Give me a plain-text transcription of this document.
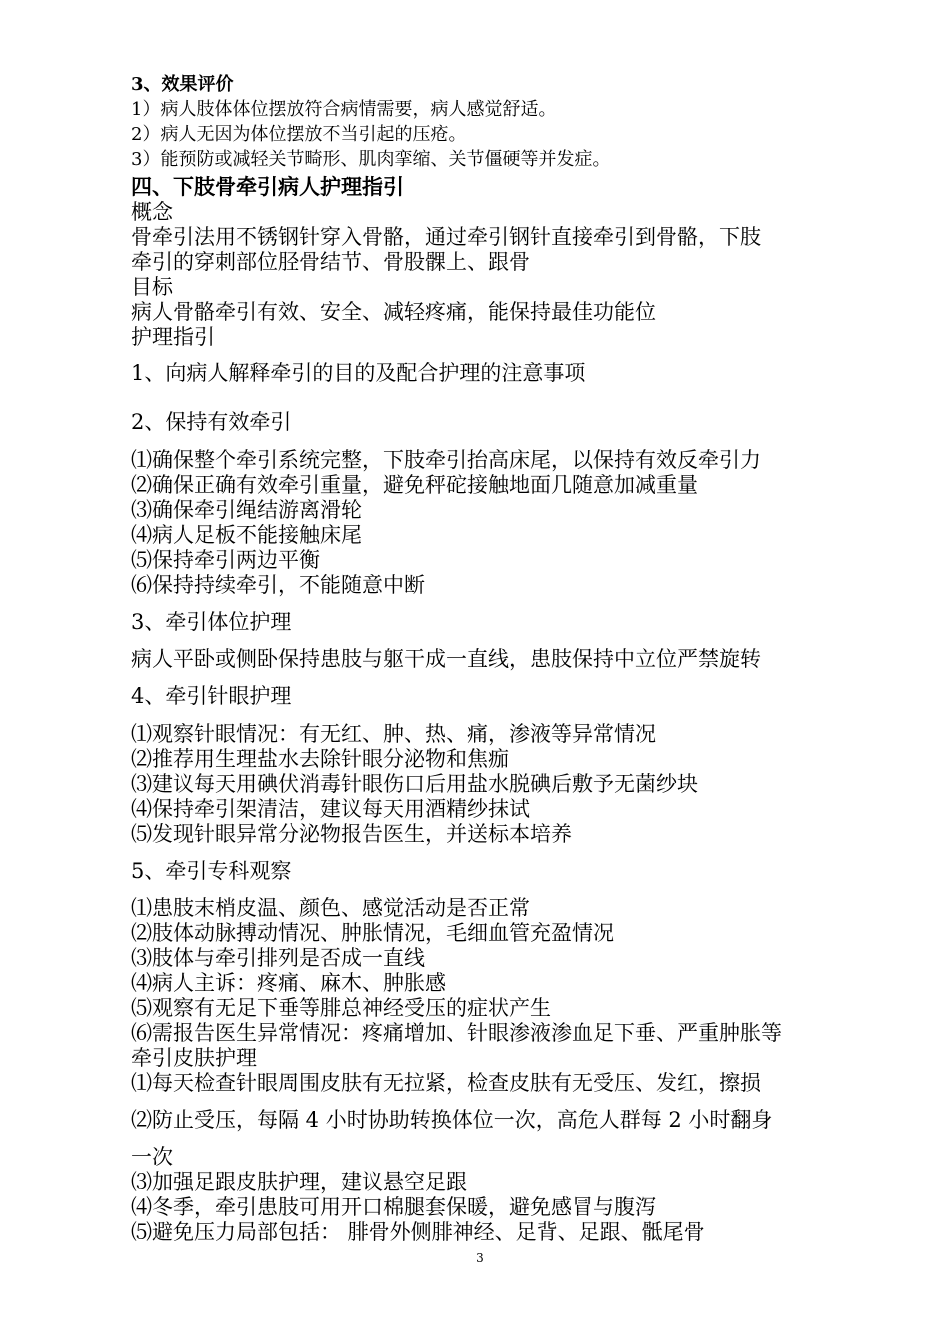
3、效果评价
1）病人肢体体位摆放符合病情需要，病人感觉舒适。
2）病人无因为体位摆放不当引起的压疮。
3）能预防或减轻关节畸形、肌肉挛缩、关节僵硬等并发症。
四、下肢骨牵引病人护理指引
概念
骨牵引法用不锈钢针穿入骨骼，通过牵引钢针直接牵引到骨骼，下肢
牵引的穿刺部位胫骨结节、骨股髁上、跟骨
目标
病人骨骼牵引有效、安全、减轻疼痛，能保持最佳功能位
护理指引
1、向病人解释牵引的目的及配合护理的注意事项
2、保持有效牵引
⑴确保整个牵引系统完整，下肢牵引抬高床尾，以保持有效反牵引力
⑵确保正确有效牵引重量，避免秤砣接触地面几随意加减重量
⑶确保牵引绳结游离滑轮
⑷病人足板不能接触床尾
⑸保持牵引两边平衡
⑹保持持续牵引，不能随意中断
3、牵引体位护理
病人平卧或侧卧保持患肢与躯干成一直线，患肢保持中立位严禁旋转
4、牵引针眼护理
⑴观察针眼情况：有无红、肿、热、痛，渗液等异常情况
⑵推荐用生理盐水去除针眼分泌物和焦痂
⑶建议每天用碘伏消毒针眼伤口后用盐水脱碘后敷予无菌纱块
⑷保持牵引架清洁，建议每天用酒精纱抹试
⑸发现针眼异常分泌物报告医生，并送标本培养
5、牵引专科观察
⑴患肢末梢皮温、颜色、感觉活动是否正常
⑵肢体动脉搏动情况、肿胀情况，毛细血管充盈情况
⑶肢体与牵引排列是否成一直线
⑷病人主诉：疼痛、麻木、肿胀感
⑸观察有无足下垂等腓总神经受压的症状产生
⑹需报告医生异常情况：疼痛增加、针眼渗液渗血足下垂、严重肿胀等
牵引皮肤护理
⑴每天检查针眼周围皮肤有无拉紧，检查皮肤有无受压、发红，擦损
⑵防止受压，每隔 4 小时协助转换体位一次，高危人群每 2 小时翻身
一次
⑶加强足跟皮肤护理，建议悬空足跟
⑷冬季，牵引患肢可用开口棉腿套保暖，避免感冒与腹泻
⑸避免压力局部包括： 腓骨外侧腓神经、足背、足跟、骶尾骨
3
